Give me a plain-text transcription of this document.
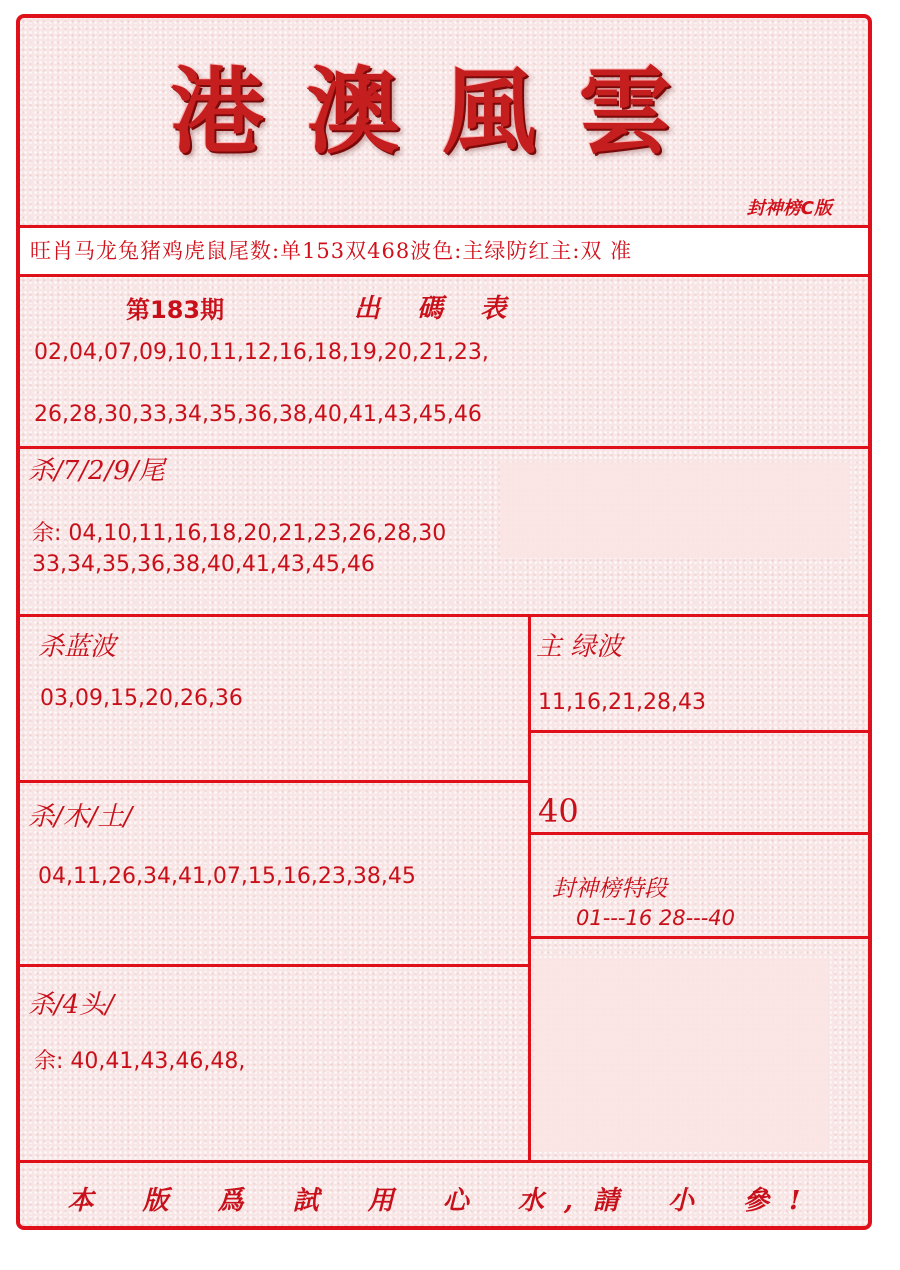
港澳風雲
封神榜C版
旺肖马龙兔猪鸡虎鼠尾数:单153双468波色:主绿防红主:双 准
第183期	出 碼 表
02,04,07,09,10,11,12,16,18,19,20,21,23,
26,28,30,33,34,35,36,38,40,41,43,45,46
杀/7/2/9/尾
余: 04,10,11,16,18,20,21,23,26,28,30
33,34,35,36,38,40,41,43,45,46
杀蓝波
03,09,15,20,26,36
杀/木/土/
04,11,26,34,41,07,15,16,23,38,45
杀/4头/
余: 40,41,43,46,48,
主 绿波
11,16,21,28,43
40
封神榜特段
01---16 28---40
本 版 爲 試 用 心 水,請 小 參!
